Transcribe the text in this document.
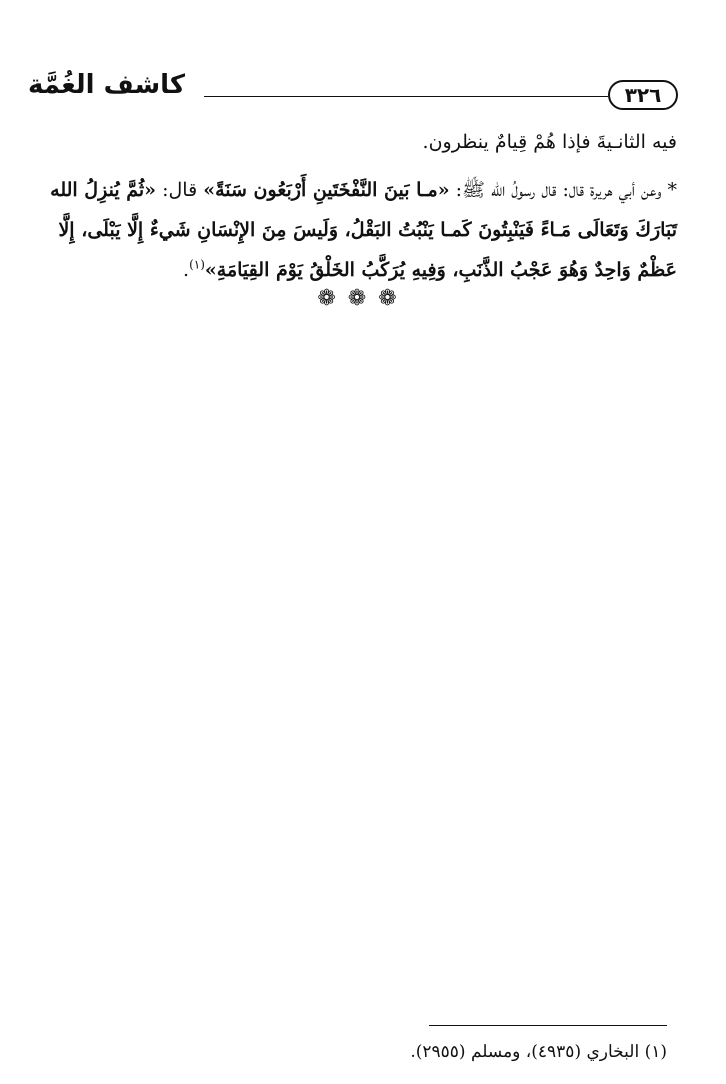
كاشف الغُمَّة	٣٢٦
فيه الثانـيةَ فإذا هُمْ قِيامٌ ينظرون.
* وعن أبي هريرة قال: قال رسولُ الله ﷺ: «مـا بَينَ النَّفْخَتَينِ أَرْبَعُون سَنَةً» قال: «ثُمَّ يُنزِلُ الله تَبَارَكَ وَتَعَالَى مَـاءً فَيَنْبِتُونَ كَمـا يَنْبُتُ البَقْلُ، وَلَيسَ مِنَ الإِنْسَانِ شَيءٌ إِلَّا يَبْلَى، إِلَّا عَظْمٌ وَاحِدٌ وَهُوَ عَجْبُ الذَّنَبِ، وَفِيهِ يُرَكَّبُ الخَلْقُ يَوْمَ القِيَامَةِ»$^{(١)}$.
❁❁❁
(١) البخاري (٤٩٣٥)، ومسلم (٢٩٥٥).
